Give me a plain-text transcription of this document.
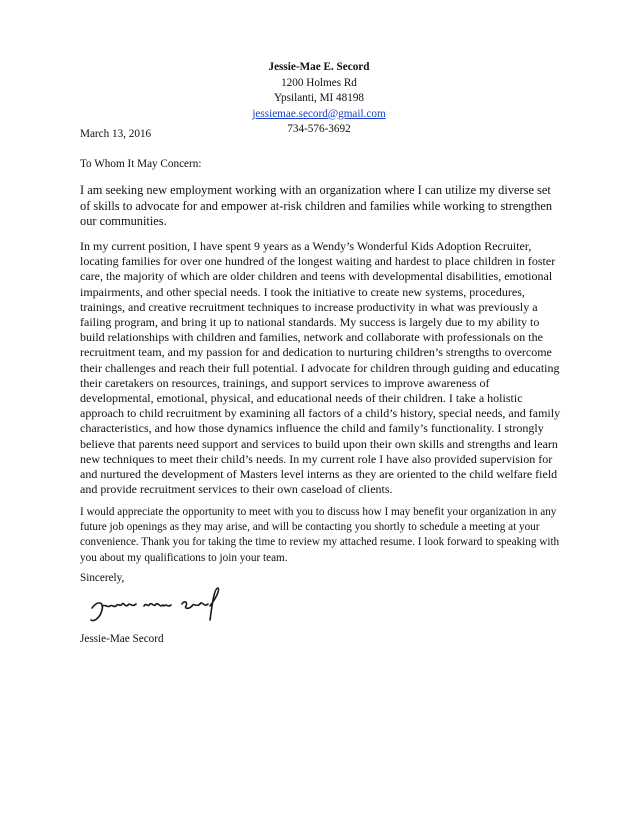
Jessie-Mae E. Secord
1200 Holmes Rd
Ypsilanti, MI 48198
jessiemae.secord@gmail.com
734-576-3692
March 13, 2016
To Whom It May Concern:

I am seeking new employment working with an organization where I can utilize my diverse set of skills to advocate for and empower at-risk children and families while working to strengthen our communities.

In my current position, I have spent 9 years as a Wendy’s Wonderful Kids Adoption Recruiter, locating families for over one hundred of the longest waiting and hardest to place children in foster care, the majority of which are older children and teens with developmental disabilities, emotional impairments, and other special needs. I took the initiative to create new systems, procedures, trainings, and creative recruitment techniques to increase productivity in what was previously a failing program, and bring it up to national standards. My success is largely due to my ability to build relationships with children and families, network and collaborate with professionals on the recruitment team, and my passion for and dedication to nurturing children’s strengths to overcome their challenges and reach their full potential. I advocate for children through guiding and educating their caretakers on resources, trainings, and support services to improve awareness of developmental, emotional, physical, and educational needs of their children. I take a holistic approach to child recruitment by examining all factors of a child’s history, special needs, and family characteristics, and how those dynamics influence the child and family’s functionality. I strongly believe that parents need support and services to build upon their own skills and strengths and learn new techniques to meet their child’s needs. In my current role I have also provided supervision for and nurtured the development of Masters level interns as they are oriented to the child welfare field and provide recruitment services to their own caseload of clients.

I would appreciate the opportunity to meet with you to discuss how I may benefit your organization in any future job openings as they may arise, and will be contacting you shortly to schedule a meeting at your convenience. Thank you for taking the time to review my attached resume. I look forward to speaking with you about my qualifications to join your team.

Sincerely,
Jessie-Mae Secord
